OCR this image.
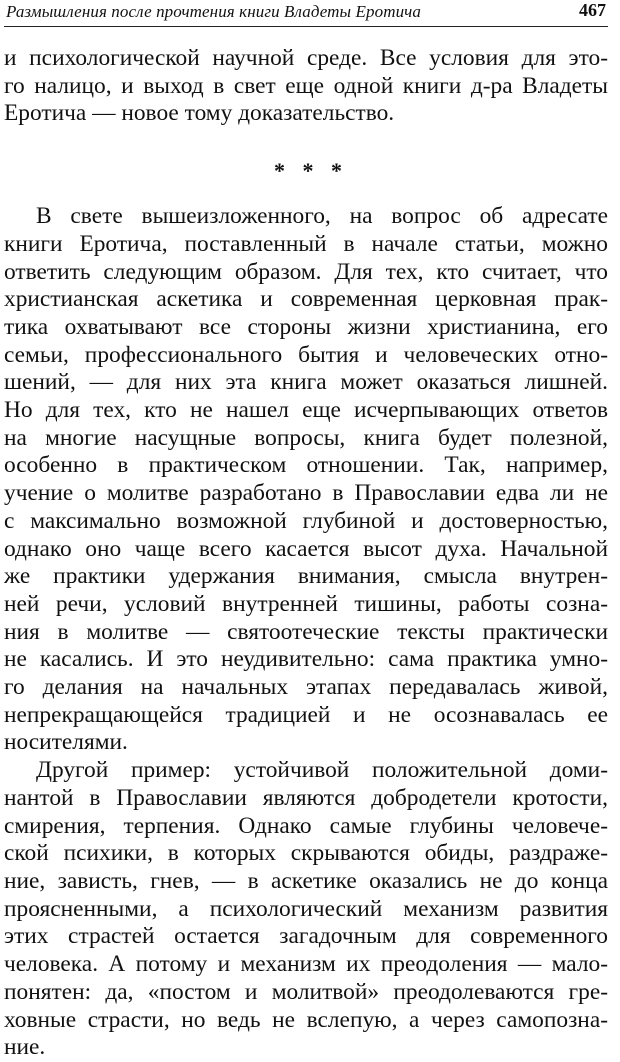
Размышления после прочтения книги Владеты Еротича	467
и психологической научной среде. Все условия для это-
го налицо, и выход в свет еще одной книги д-ра Владеты
Еротича — новое тому доказательство.
* * *
В свете вышеизложенного, на вопрос об адресате
книги Еротича, поставленный в начале статьи, можно
ответить следующим образом. Для тех, кто считает, что
христианская аскетика и современная церковная прак-
тика охватывают все стороны жизни христианина, его
семьи, профессионального бытия и человеческих отно-
шений, — для них эта книга может оказаться лишней.
Но для тех, кто не нашел еще исчерпывающих ответов
на многие насущные вопросы, книга будет полезной,
особенно в практическом отношении. Так, например,
учение о молитве разработано в Православии едва ли не
с максимально возможной глубиной и достоверностью,
однако оно чаще всего касается высот духа. Начальной
же практики удержания внимания, смысла внутрен-
ней речи, условий внутренней тишины, работы созна-
ния в молитве — святоотеческие тексты практически
не касались. И это неудивительно: сама практика умно-
го делания на начальных этапах передавалась живой,
непрекращающейся традицией и не осознавалась ее
носителями.
Другой пример: устойчивой положительной доми-
нантой в Православии являются добродетели кротости,
смирения, терпения. Однако самые глубины человече-
ской психики, в которых скрываются обиды, раздраже-
ние, зависть, гнев, — в аскетике оказались не до конца
проясненными, а психологический механизм развития
этих страстей остается загадочным для современного
человека. А потому и механизм их преодоления — мало-
понятен: да, «постом и молитвой» преодолеваются гре-
ховные страсти, но ведь не вслепую, а через самопозна-
ние.
